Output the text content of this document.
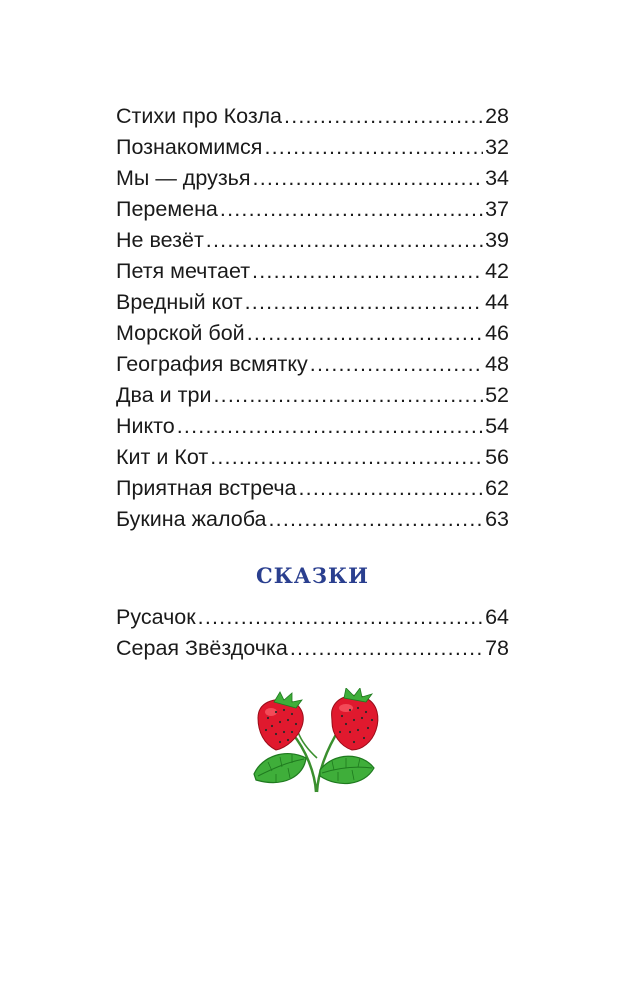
Стихи про Козла .....	28
Познакомимся .....	32
Мы — друзья .....	34
Перемена .....	37
Не везёт .....	39
Петя мечтает .....	42
Вредный кот .....	44
Морской бой .....	46
География всмятку .....	48
Два и три .....	52
Никто .....	54
Кит и Кот .....	56
Приятная встреча .....	62
Букина жалоба .....	63
СКАЗКИ
Русачок .....	64
Серая Звёздочка .....	78
